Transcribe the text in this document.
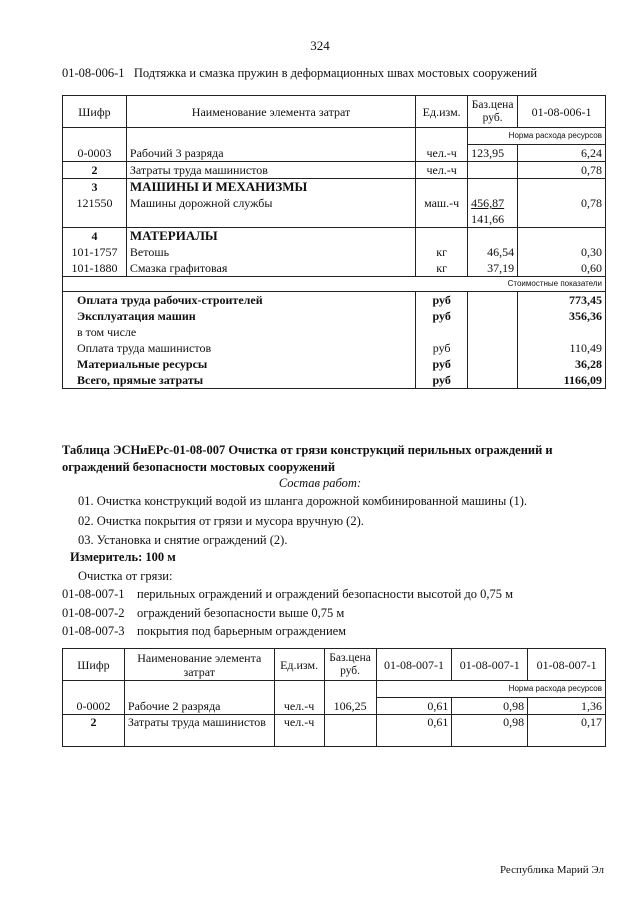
324
01-08-006-1 Подтяжка и смазка пружин в деформационных швах мостовых сооружений
Шифр	Наименование элемента затрат	Ед.изм.	Баз.цена руб.	01-08-006-1
			Норма расхода ресурсов	
0-0003	Рабочий 3 разряда	чел.-ч	123,95	6,24
2	Затраты труда машинистов	чел.-ч		0,78
3	МАШИНЫ И МЕХАНИЗМЫ			
121550	Машины дорожной службы	маш.-ч	456,87	0,78
			141,66	
4	МАТЕРИАЛЫ			
101-1757	Ветошь	кг	46,54	0,30
101-1880	Смазка графитовая	кг	37,19	0,60
Стоимостные показатели				
Оплата труда рабочих-строителей		руб		773,45
Эксплуатация машин		руб		356,36
в том числе				
Оплата труда машинистов		руб		110,49
Материальные ресурсы		руб		36,28
Всего, прямые затраты		руб		1166,09
Таблица ЭСНиЕРс-01-08-007 Очистка от грязи конструкций перильных ограждений и
ограждений безопасности мостовых сооружений
Состав работ:
01. Очистка конструкций водой из шланга дорожной комбинированной машины (1).
02. Очистка покрытия от грязи и мусора вручную (2).
03. Установка и снятие ограждений (2).
Измеритель: 100 м
Очистка от грязи:
01-08-007-1 перильных ограждений и ограждений безопасности высотой до 0,75 м
01-08-007-2 ограждений безопасности выше 0,75 м
01-08-007-3 покрытия под барьерным ограждением
Шифр	Наименование элемента затрат	Ед.изм.	Баз.цена руб.	01-08-007-1	01-08-007-1	01-08-007-1
				Норма расхода ресурсов		
0-0002	Рабочие 2 разряда	чел.-ч	106,25	0,61	0,98	1,36
2	Затраты труда машинистов	чел.-ч		0,61	0,98	0,17
Республика Марий Эл
